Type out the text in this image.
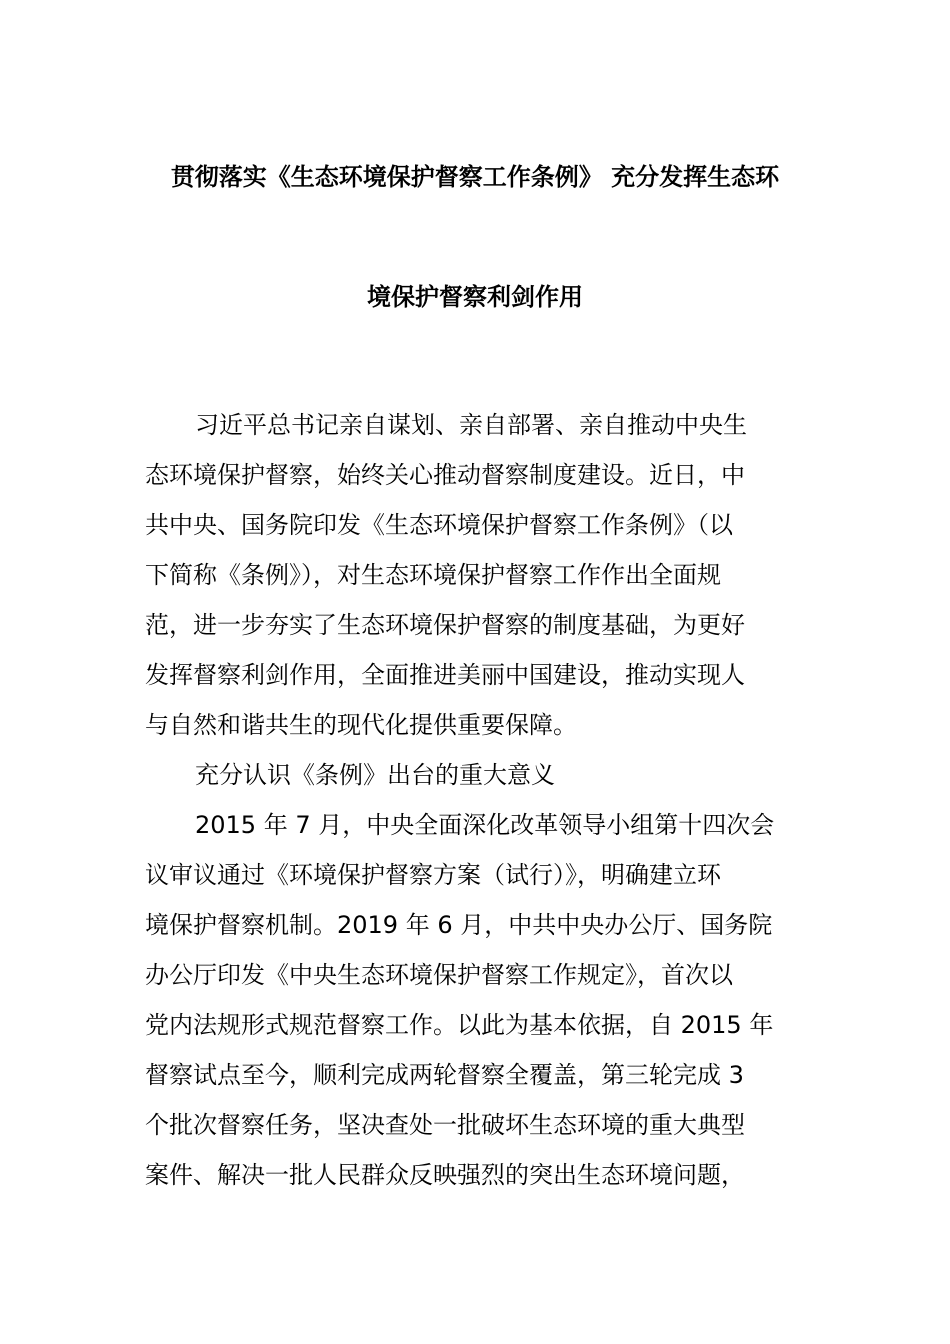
贯彻落实《生态环境保护督察工作条例》 充分发挥生态环
境保护督察利剑作用
习近平总书记亲自谋划、亲自部署、亲自推动中央生
态环境保护督察，始终关心推动督察制度建设。近日，中
共中央、国务院印发《生态环境保护督察工作条例》（以
下简称《条例》），对生态环境保护督察工作作出全面规
范，进一步夯实了生态环境保护督察的制度基础，为更好
发挥督察利剑作用，全面推进美丽中国建设，推动实现人
与自然和谐共生的现代化提供重要保障。
充分认识《条例》出台的重大意义
2015 年 7 月，中央全面深化改革领导小组第十四次会
议审议通过《环境保护督察方案（试行）》，明确建立环
境保护督察机制。2019 年 6 月，中共中央办公厅、国务院
办公厅印发《中央生态环境保护督察工作规定》，首次以
党内法规形式规范督察工作。以此为基本依据，自 2015 年
督察试点至今，顺利完成两轮督察全覆盖，第三轮完成 3
个批次督察任务，坚决查处一批破坏生态环境的重大典型
案件、解决一批人民群众反映强烈的突出生态环境问题，
